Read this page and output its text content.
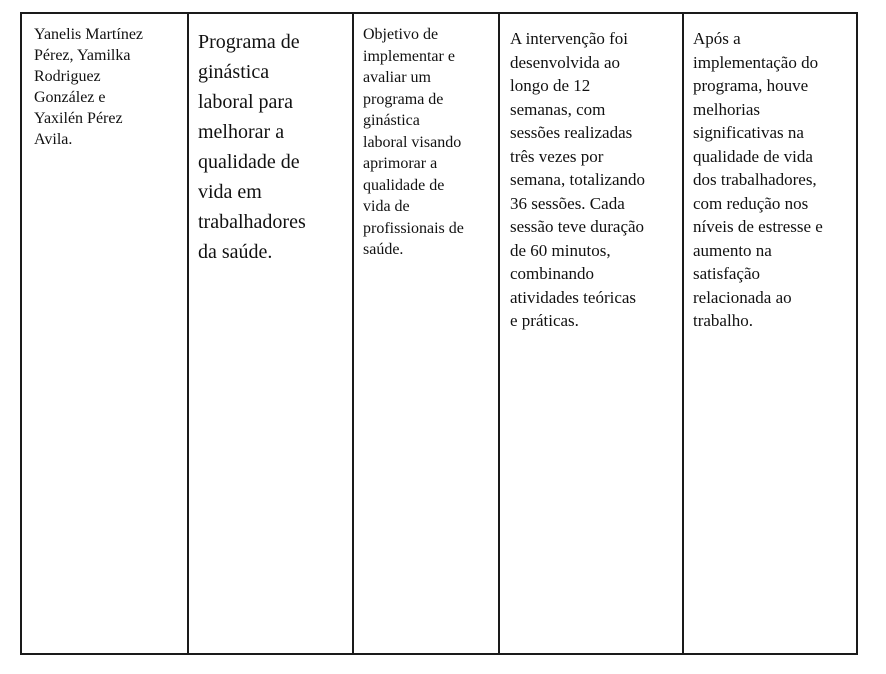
Yanelis Martínez
Pérez, Yamilka
Rodriguez
González e
Yaxilén Pérez
Avila.

Programa de
ginástica
laboral para
melhorar a
qualidade de
vida em
trabalhadores
da saúde.

Objetivo de
implementar e
avaliar um
programa de
ginástica
laboral visando
aprimorar a
qualidade de
vida de
profissionais de
saúde.

A intervenção foi
desenvolvida ao
longo de 12
semanas, com
sessões realizadas
três vezes por
semana, totalizando
36 sessões. Cada
sessão teve duração
de 60 minutos,
combinando
atividades teóricas
e práticas.

Após a
implementação do
programa, houve
melhorias
significativas na
qualidade de vida
dos trabalhadores,
com redução nos
níveis de estresse e
aumento na
satisfação
relacionada ao
trabalho.
